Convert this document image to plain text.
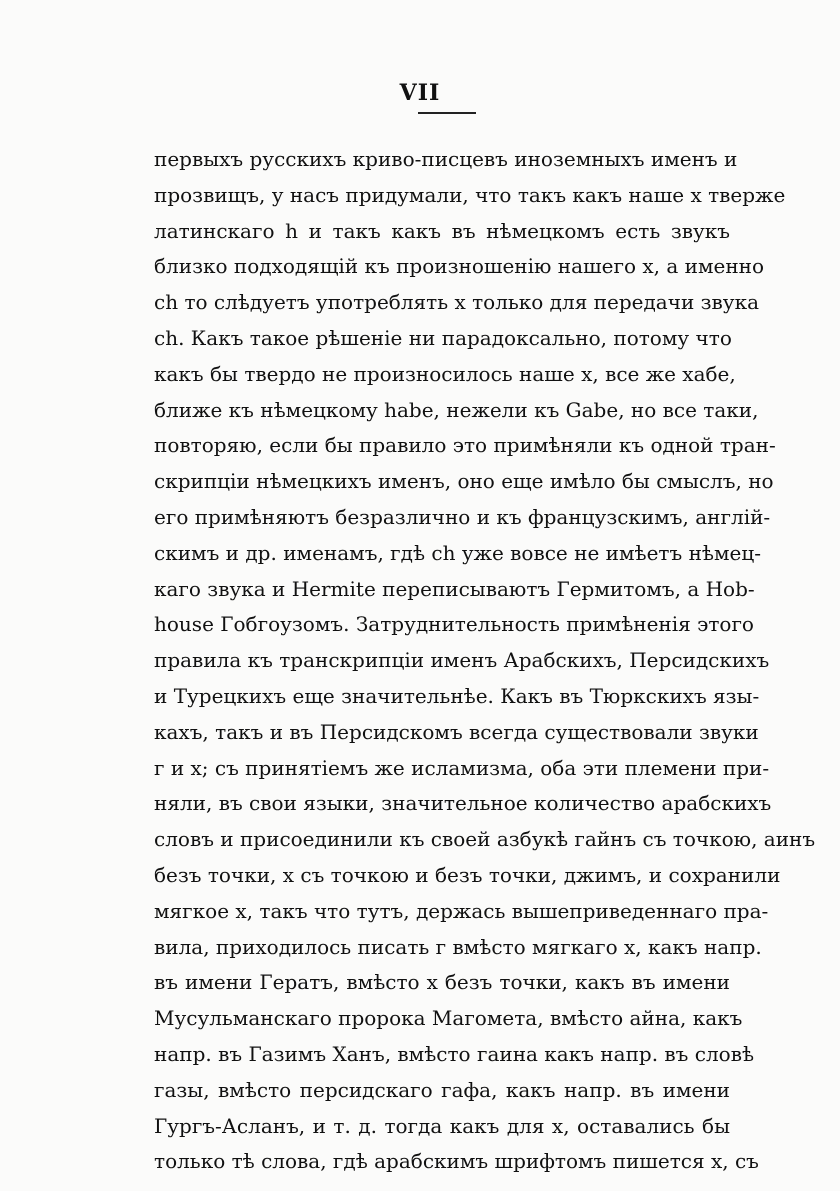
VII
первыхъ русскихъ криво-писцевъ иноземныхъ именъ и
прозвищъ, у насъ придумали, что такъ какъ наше x тверже
латинскаго h и такъ какъ въ нѣмецкомъ есть звукъ
близко подходящій къ произношенію нашего x, а именно
ch то слѣдуетъ употреблять x только для передачи звука
ch. Какъ такое рѣшеніе ни парадоксально, потому что
какъ бы твердо не произносилось наше x, все же хабе,
ближе къ нѣмецкому habe, нежели къ Gabe, но все таки,
повторяю, если бы правило это примѣняли къ одной тран-
скрипціи нѣмецкихъ именъ, оно еще имѣло бы смыслъ, но
его примѣняютъ безразлично и къ французскимъ, англій-
скимъ и др. именамъ, гдѣ ch уже вовсе не имѣетъ нѣмец-
каго звука и Hermite переписываютъ Гермитомъ, а Hob-
house Гобгоузомъ. Затруднительность примѣненія этого
правила къ транскрипціи именъ Арабскихъ, Персидскихъ
и Турецкихъ еще значительнѣе. Какъ въ Тюркскихъ язы-
кахъ, такъ и въ Персидскомъ всегда существовали звуки
г и x; съ принятіемъ же исламизма, оба эти племени при-
няли, въ свои языки, значительное количество арабскихъ
словъ и присоединили къ своей азбукѣ гайнъ съ точкою, аинъ
безъ точки, x съ точкою и безъ точки, джимъ, и сохранили
мягкое x, такъ что тутъ, держась вышеприведеннаго пра-
вила, приходилось писать г вмѣсто мягкаго x, какъ напр.
въ имени Гератъ, вмѣсто x безъ точки, какъ въ имени
Мусульманскаго пророка Магомета, вмѣсто айна, какъ
напр. въ Газимъ Ханъ, вмѣсто гаина какъ напр. въ словѣ
газы, вмѣсто персидскаго гафа, какъ напр. въ имени
Гургъ-Асланъ, и т. д. тогда какъ для x, оставались бы
только тѣ слова, гдѣ арабскимъ шрифтомъ пишется x, съ
